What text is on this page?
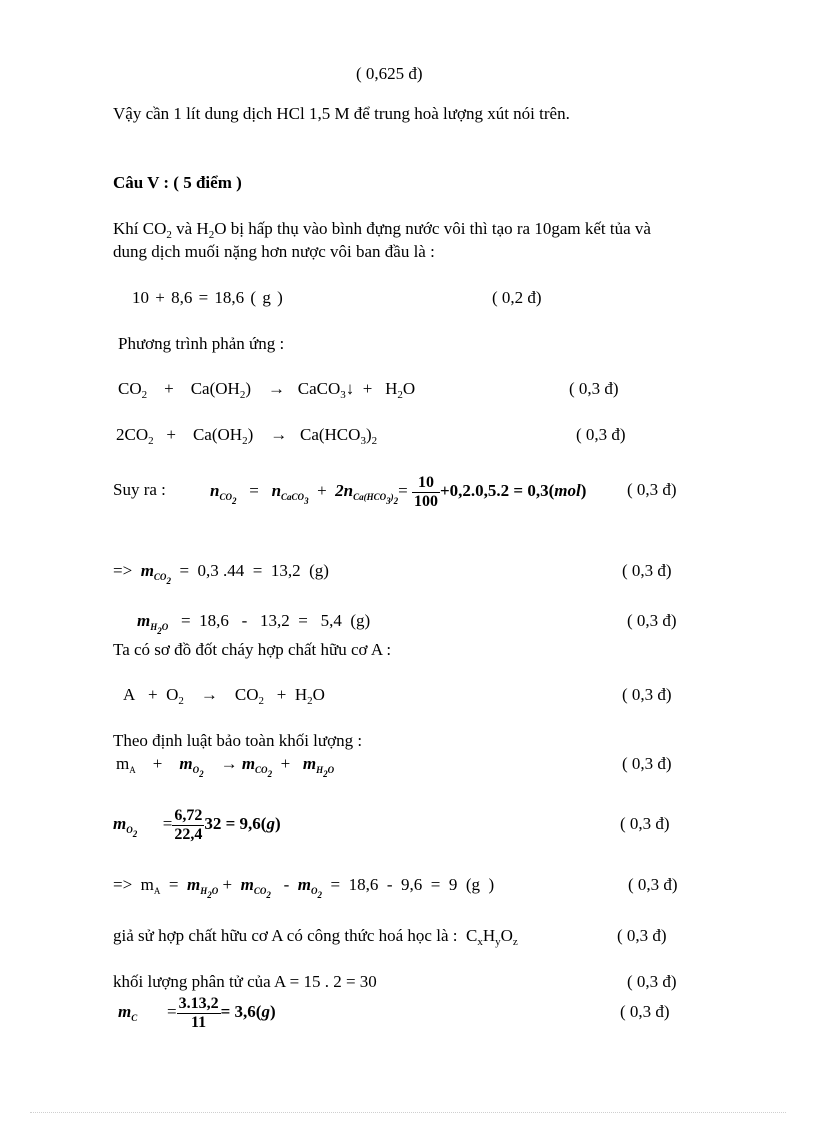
( 0,625 đ)
Vậy cần 1 lít dung dịch HCl 1,5 M để trung hoà lượng xút nói trên.
Câu V : ( 5 điểm )
Khí $CO_2$ và $H_2O$ bị hấp thụ vào bình đựng nước vôi thì tạo ra 10gam kết tủa và
dung dịch muối nặng hơn nược vôi ban đầu là :
10 + 8,6 = 18,6 ( g )	( 0,2 đ)
Phương trình phản ứng :
$CO_2$    +    $Ca(OH_2)$    →   CaCO$_3$↓  +   $H_2O$	( 0,3 đ)
$2CO_2$   +    $Ca(OH_2)$    →   $Ca(HCO_3)_2$	( 0,3 đ)
Suy ra :	$n_{CO_2} = n_{CaCO_3} + 2n_{Ca(HCO_3)_2}= \frac{10}{100} +0,2.0,5.2 = 0,3(mol)$ ( 0,3 đ)
=>  $m_{CO_2} = 0,3$ .44  =  13,2  (g)	( 0,3 đ)
$m_{H_2O} = 18,6 - 13,2 = 5,4$  (g)	( 0,3 đ)
Ta có sơ đồ đốt cháy hợp chất hữu cơ A :
$A + O_2$ →    $CO_2 + H_2O$	( 0,3 đ)
Theo định luật bảo toàn khối lượng :
$m_A$    +    $m_{O_2}$    → $m_{CO_2} + m_{H_2O}$	( 0,3 đ)
$m_{O_2}$      = $\frac{6,72}{22,4} 32 = 9,6(g)$	( 0,3 đ)
=>  $m_A = m_{H_2O} + m_{CO_2} - m_{O_2} = 18,6 - 9,6 = 9$  (g  )	( 0,3 đ)
giả sử hợp chất hữu cơ A có công thức hoá học là :  $C_xH_yO_z$	( 0,3 đ)
khối lượng phân tử của A = 15 . 2 = 30	( 0,3 đ)
$m_C$       = $\frac{3.13,2}{11} = 3,6(g)$	( 0,3 đ)
